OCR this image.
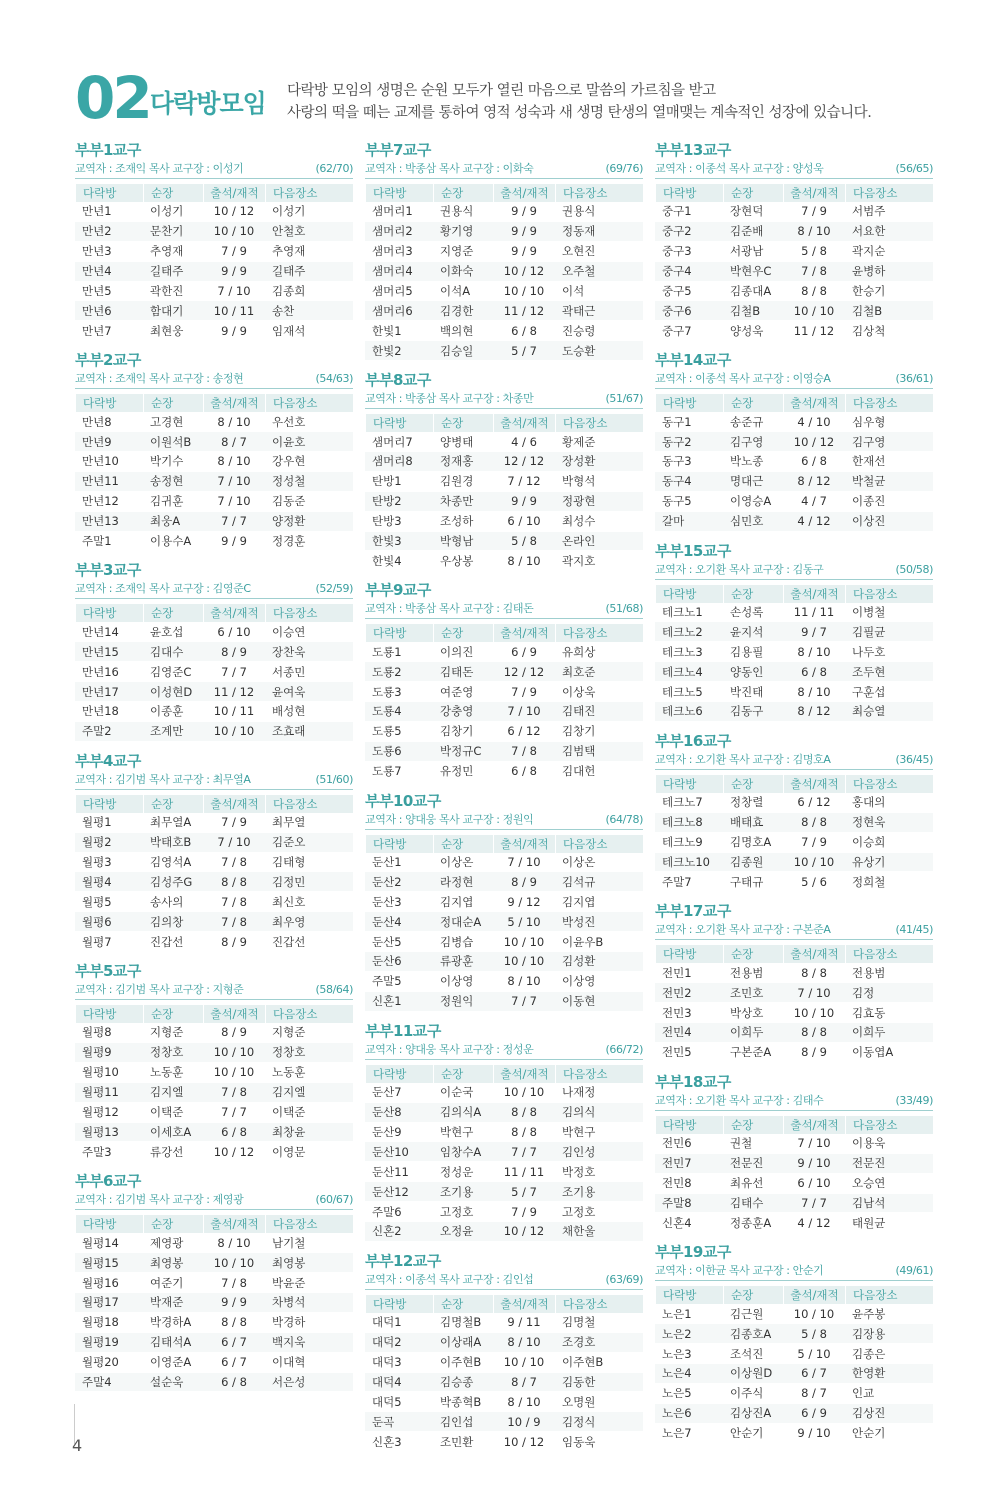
02 다락방모임 다락방 모임의 생명은 순원 모두가 열린 마음으로 말씀의 가르침을 받고
사랑의 떡을 떼는 교제를 통하여 영적 성숙과 새 생명 탄생의 열매맺는 계속적인 성장에 있습니다.
부부1교구
교역자 : 조재익 목사 교구장 : 이성기	(62/70)
다락방	순장	출석/재적	다음장소
만년1	이성기	10 / 12	이성기
만년2	문찬기	10 / 10	안철호
만년3	추영재	7 / 9	추영재
만년4	길태주	9 / 9	길태주
만년5	곽한진	7 / 10	김종희
만년6	함대기	10 / 11	송찬
만년7	최현웅	9 / 9	임재석
부부2교구
교역자 : 조재익 목사 교구장 : 송정현	(54/63)
다락방	순장	출석/재적	다음장소
만년8	고경현	8 / 10	우선호
만년9	이원석B	8 / 7	이윤호
만년10	박기수	8 / 10	강우현
만년11	송정현	7 / 10	정성철
만년12	김귀훈	7 / 10	김동준
만년13	최웅A	7 / 7	양정환
주말1	이용수A	9 / 9	정경훈
부부3교구
교역자 : 조재익 목사 교구장 : 김영준C	(52/59)
다락방	순장	출석/재적	다음장소
만년14	윤호섭	6 / 10	이승연
만년15	김대수	8 / 9	장찬욱
만년16	김영준C	7 / 7	서종민
만년17	이성현D	11 / 12	윤여욱
만년18	이종훈	10 / 11	배성현
주말2	조계만	10 / 10	조효래
부부4교구
교역자 : 김기범 목사 교구장 : 최무열A	(51/60)
다락방	순장	출석/재적	다음장소
월평1	최무열A	7 / 9	최무열
월평2	박태호B	7 / 10	김준오
월평3	김영석A	7 / 8	김태형
월평4	김성주G	8 / 8	김정민
월평5	송사의	7 / 8	최신호
월평6	김의창	7 / 8	최우영
월평7	진갑선	8 / 9	진갑선
부부5교구
교역자 : 김기범 목사 교구장 : 지형준	(58/64)
다락방	순장	출석/재적	다음장소
월평8	지형준	8 / 9	지형준
월평9	정창호	10 / 10	정창호
월평10	노동훈	10 / 10	노동훈
월평11	김지엘	7 / 8	김지엘
월평12	이택준	7 / 7	이택준
월평13	이세호A	6 / 8	최창윤
주말3	류강선	10 / 12	이영문
부부6교구
교역자 : 김기범 목사 교구장 : 제영광	(60/67)
다락방	순장	출석/재적	다음장소
월평14	제영광	8 / 10	남기철
월평15	최영봉	10 / 10	최영봉
월평16	여준기	7 / 8	박윤준
월평17	박재준	9 / 9	차병석
월평18	박경하A	8 / 8	박경하
월평19	김태석A	6 / 7	백지욱
월평20	이영준A	6 / 7	이대혁
주말4	설순욱	6 / 8	서은성
부부7교구
교역자 : 박종삼 목사 교구장 : 이화숙	(69/76)
다락방	순장	출석/재적	다음장소
샘머리1	권용식	9 / 9	권용식
샘머리2	황기영	9 / 9	정동재
샘머리3	지영준	9 / 9	오현진
샘머리4	이화숙	10 / 12	오주철
샘머리5	이석A	10 / 10	이석
샘머리6	김경한	11 / 12	곽태근
한빛1	백의현	6 / 8	진승령
한빛2	김승일	5 / 7	도승환
부부8교구
교역자 : 박종삼 목사 교구장 : 차종만	(51/67)
다락방	순장	출석/재적	다음장소
샘머리7	양병태	4 / 6	황제준
샘머리8	정재홍	12 / 12	장성환
탄방1	김원경	7 / 12	박형석
탄방2	차종만	9 / 9	정광현
탄방3	조성하	6 / 10	최성수
한빛3	박형남	5 / 8	온라인
한빛4	우상봉	8 / 10	곽지호
부부9교구
교역자 : 박종삼 목사 교구장 : 김태돈	(51/68)
다락방	순장	출석/재적	다음장소
도룡1	이의진	6 / 9	유희상
도룡2	김태돈	12 / 12	최호준
도룡3	여준영	7 / 9	이상욱
도룡4	강충영	7 / 10	김태진
도룡5	김창기	6 / 12	김창기
도룡6	박정규C	7 / 8	김범택
도룡7	유정민	6 / 8	김대헌
부부10교구
교역자 : 양대웅 목사 교구장 : 정원익	(64/78)
다락방	순장	출석/재적	다음장소
둔산1	이상온	7 / 10	이상온
둔산2	라정현	8 / 9	김석규
둔산3	김지엽	9 / 12	김지엽
둔산4	정대순A	5 / 10	박성진
둔산5	김병습	10 / 10	이윤우B
둔산6	류광훈	10 / 10	김성환
주말5	이상영	8 / 10	이상영
신혼1	정원익	7 / 7	이동현
부부11교구
교역자 : 양대웅 목사 교구장 : 정성운	(66/72)
다락방	순장	출석/재적	다음장소
둔산7	이순국	10 / 10	나재정
둔산8	김의식A	8 / 8	김의식
둔산9	박현구	8 / 8	박현구
둔산10	임창수A	7 / 7	김인성
둔산11	정성운	11 / 11	박정호
둔산12	조기용	5 / 7	조기용
주말6	고정호	7 / 9	고정호
신혼2	오정윤	10 / 12	채한울
부부12교구
교역자 : 이종석 목사 교구장 : 김인섭	(63/69)
다락방	순장	출석/재적	다음장소
대덕1	김명철B	9 / 11	김명철
대덕2	이상래A	8 / 10	조경호
대덕3	이주현B	10 / 10	이주현B
대덕4	김승종	8 / 7	김동한
대덕5	박종혁B	8 / 10	오명원
둔곡	김인섭	10 / 9	김정식
신혼3	조민환	10 / 12	임동욱
부부13교구
교역자 : 이종석 목사 교구장 : 양성욱	(56/65)
다락방	순장	출석/재적	다음장소
중구1	장현덕	7 / 9	서범주
중구2	김준배	8 / 10	서요한
중구3	서광남	5 / 8	곽지순
중구4	박현우C	7 / 8	윤병하
중구5	김종대A	8 / 8	한승기
중구6	김철B	10 / 10	김철B
중구7	양성욱	11 / 12	김상척
부부14교구
교역자 : 이종석 목사 교구장 : 이영승A	(36/61)
다락방	순장	출석/재적	다음장소
동구1	송준규	4 / 10	심우형
동구2	김구영	10 / 12	김구영
동구3	박노종	6 / 8	한재선
동구4	명대근	8 / 12	박철균
동구5	이영승A	4 / 7	이종진
갈마	심민호	4 / 12	이상진
부부15교구
교역자 : 오기환 목사 교구장 : 김동구	(50/58)
다락방	순장	출석/재적	다음장소
테크노1	손성록	11 / 11	이병철
테크노2	윤지석	9 / 7	김필균
테크노3	김용필	8 / 10	나두호
테크노4	양동인	6 / 8	조두현
테크노5	박진태	8 / 10	구훈섭
테크노6	김동구	8 / 12	최승열
부부16교구
교역자 : 오기환 목사 교구장 : 김명호A	(36/45)
다락방	순장	출석/재적	다음장소
테크노7	정창렬	6 / 12	홍대의
테크노8	배태효	8 / 8	정현욱
테크노9	김명호A	7 / 9	이승희
테크노10	김종원	10 / 10	유상기
주말7	구태규	5 / 6	정희철
부부17교구
교역자 : 오기환 목사 교구장 : 구본준A	(41/45)
다락방	순장	출석/재적	다음장소
전민1	전용범	8 / 8	전용범
전민2	조민호	7 / 10	김정
전민3	박상호	10 / 10	김효동
전민4	이희두	8 / 8	이희두
전민5	구본준A	8 / 9	이동엽A
부부18교구
교역자 : 오기환 목사 교구장 : 김태수	(33/49)
다락방	순장	출석/재적	다음장소
전민6	권철	7 / 10	이용욱
전민7	전문진	9 / 10	전문진
전민8	최유선	6 / 10	오승연
주말8	김태수	7 / 7	김남석
신혼4	정종훈A	4 / 12	태원균
부부19교구
교역자 : 이한균 목사 교구장 : 안순기	(49/61)
다락방	순장	출석/재적	다음장소
노은1	김근원	10 / 10	윤주봉
노은2	김종호A	5 / 8	김장용
노은3	조석진	5 / 10	김종은
노은4	이상원D	6 / 7	한영환
노은5	이주식	8 / 7	인교
노은6	김상진A	6 / 9	김상진
노은7	안순기	9 / 10	안순기
4
